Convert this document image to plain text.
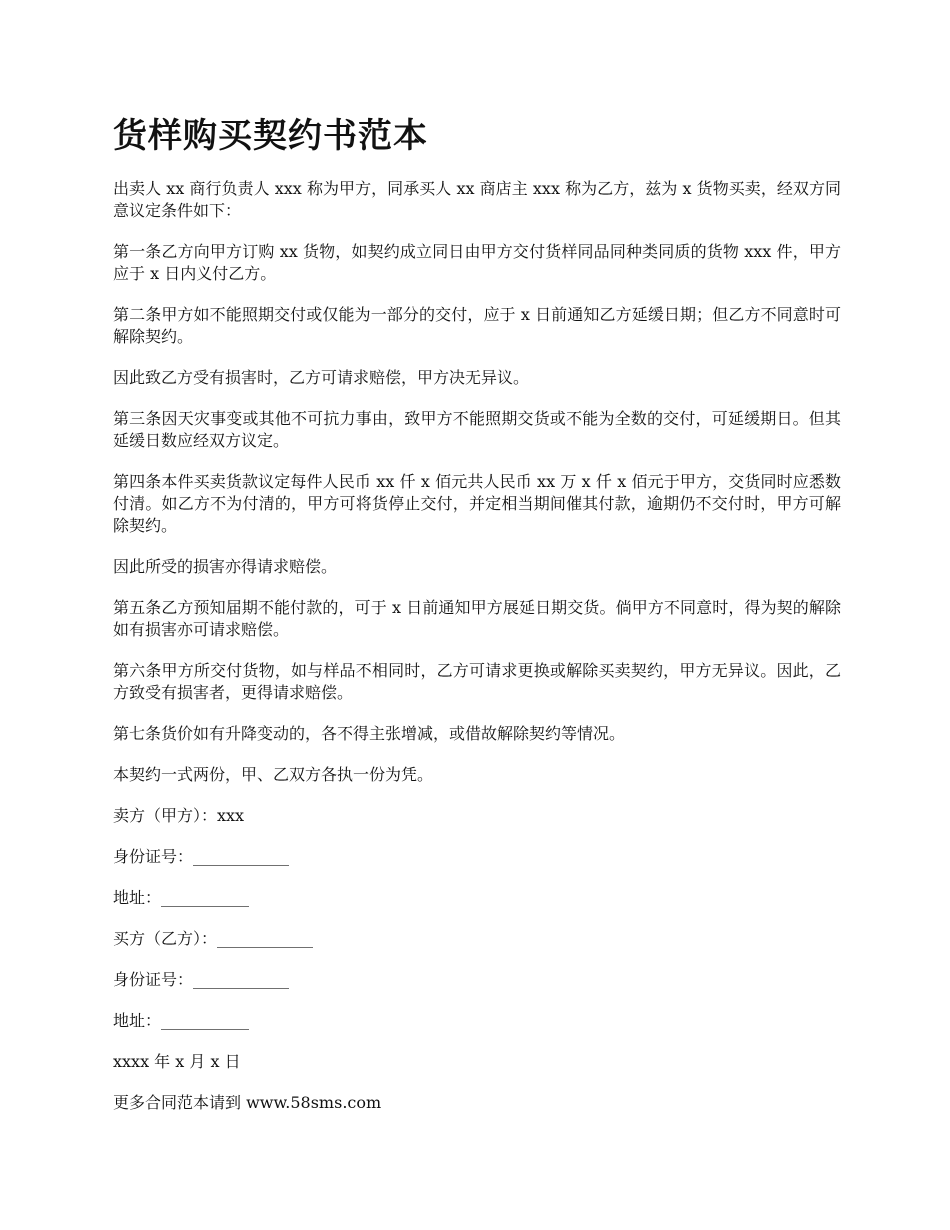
货样购买契约书范本

出卖人 xx 商行负责人 xxx 称为甲方，同承买人 xx 商店主 xxx 称为乙方，兹为 x 货物买卖，经双方同意议定条件如下：

第一条乙方向甲方订购 xx 货物，如契约成立同日由甲方交付货样同品同种类同质的货物 xxx 件，甲方应于 x 日内义付乙方。

第二条甲方如不能照期交付或仅能为一部分的交付，应于 x 日前通知乙方延缓日期；但乙方不同意时可解除契约。

因此致乙方受有损害时，乙方可请求赔偿，甲方决无异议。

第三条因天灾事变或其他不可抗力事由，致甲方不能照期交货或不能为全数的交付，可延缓期日。但其延缓日数应经双方议定。

第四条本件买卖货款议定每件人民币 xx 仟 x 佰元共人民币 xx 万 x 仟 x 佰元于甲方，交货同时应悉数付清。如乙方不为付清的，甲方可将货停止交付，并定相当期间催其付款，逾期仍不交付时，甲方可解除契约。

因此所受的损害亦得请求赔偿。

第五条乙方预知届期不能付款的，可于 x 日前通知甲方展延日期交货。倘甲方不同意时，得为契的解除如有损害亦可请求赔偿。

第六条甲方所交付货物，如与样品不相同时，乙方可请求更换或解除买卖契约，甲方无异议。因此，乙方致受有损害者，更得请求赔偿。

第七条货价如有升降变动的，各不得主张增减，或借故解除契约等情况。

本契约一式两份，甲、乙双方各执一份为凭。

卖方（甲方）：xxx

身份证号：____________

地址：___________

买方（乙方）：____________

身份证号：____________

地址：___________

xxxx 年 x 月 x 日

更多合同范本请到 www.58sms.com
